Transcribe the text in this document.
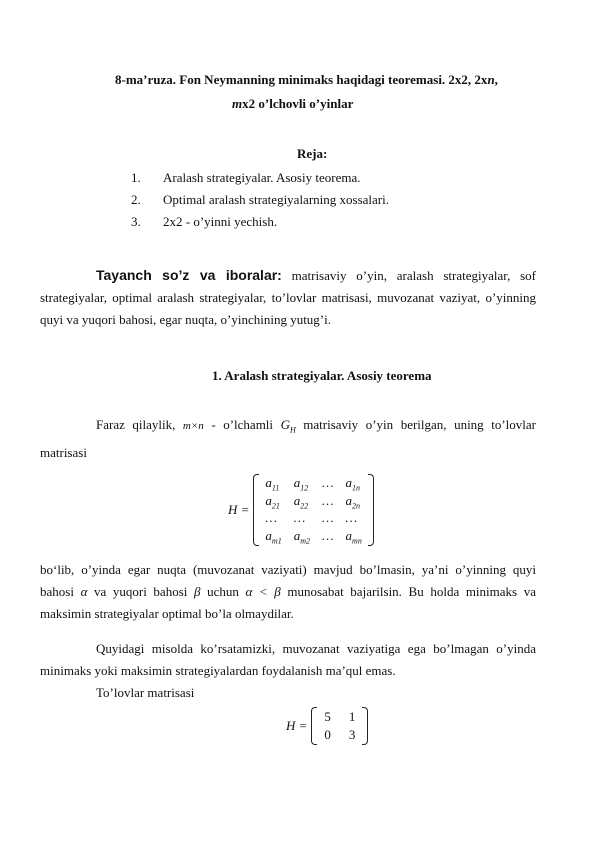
8-ma’ruza. Fon Neymanning minimaks haqidagi teoremasi. 2x2, 2xn,
mx2 o’lchovli o’yinlar
Reja:
1. Aralash strategiyalar. Asosiy teorema.
2. Optimal aralash strategiyalarning xossalari.
3. 2x2 - o’yinni yechish.
Tayanch so’z va iboralar: matrisaviy o’yin, aralash strategiyalar, sof strategiyalar, optimal aralash strategiyalar, to’lovlar matrisasi, muvozanat vaziyat, o’yinning quyi va yuqori bahosi, egar nuqta, o’yinchining yutug’i.
1. Aralash strategiyalar. Asosiy teorema
Faraz qilaylik, m×n - o’lchamli $G_H$ matrisaviy o’yin berilgan, uning to’lovlar matrisasi
H =
$a_{11}$	$a_{12}$	…	$a_{1n}$
$a_{21}$	$a_{22}$	…	$a_{2n}$
…	…	…	…
$a_{m1}$	$a_{m2}$	…	$a_{mn}$
bo‘lib, o’yinda egar nuqta (muvozanat vaziyati) mavjud bo’lmasin, ya’ni o’yinning quyi bahosi α va yuqori bahosi β uchun α < β munosabat bajarilsin. Bu holda minimaks va maksimin strategiyalar optimal bo’la olmaydilar.
Quyidagi misolda ko’rsatamizki, muvozanat vaziyatiga ega bo’lmagan o’yinda minimaks yoki maksimin strategiyalardan foydalanish ma’qul emas.
To’lovlar matrisasi
H =
5	1
0	3
